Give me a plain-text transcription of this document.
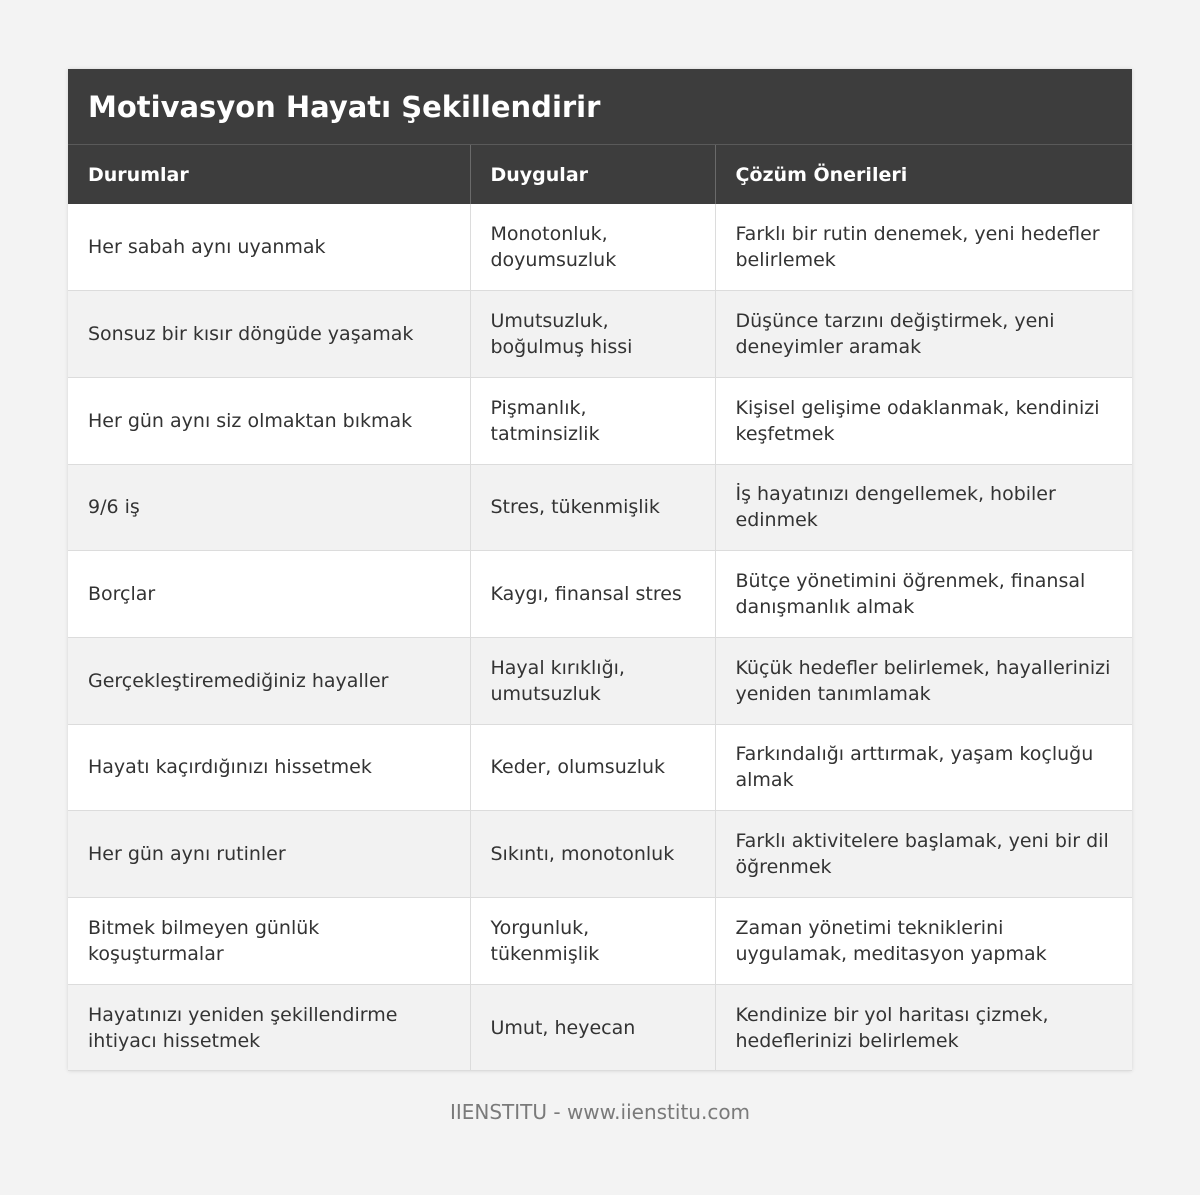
Motivasyon Hayatı Şekillendirir
Durumlar	Duygular	Çözüm Önerileri
Her sabah aynı uyanmak	Monotonluk, doyumsuzluk	Farklı bir rutin denemek, yeni hedefler belirlemek
Sonsuz bir kısır döngüde yaşamak	Umutsuzluk, boğulmuş hissi	Düşünce tarzını değiştirmek, yeni deneyimler aramak
Her gün aynı siz olmaktan bıkmak	Pişmanlık, tatminsizlik	Kişisel gelişime odaklanmak, kendinizi keşfetmek
9/6 iş	Stres, tükenmişlik	İş hayatınızı dengellemek, hobiler edinmek
Borçlar	Kaygı, finansal stres	Bütçe yönetimini öğrenmek, finansal danışmanlık almak
Gerçekleştiremediğiniz hayaller	Hayal kırıklığı, umutsuzluk	Küçük hedefler belirlemek, hayallerinizi yeniden tanımlamak
Hayatı kaçırdığınızı hissetmek	Keder, olumsuzluk	Farkındalığı arttırmak, yaşam koçluğu almak
Her gün aynı rutinler	Sıkıntı, monotonluk	Farklı aktivitelere başlamak, yeni bir dil öğrenmek
Bitmek bilmeyen günlük koşuşturmalar	Yorgunluk, tükenmişlik	Zaman yönetimi tekniklerini uygulamak, meditasyon yapmak
Hayatınızı yeniden şekillendirme ihtiyacı hissetmek	Umut, heyecan	Kendinize bir yol haritası çizmek, hedeflerinizi belirlemek
IIENSTITU - www.iienstitu.com
